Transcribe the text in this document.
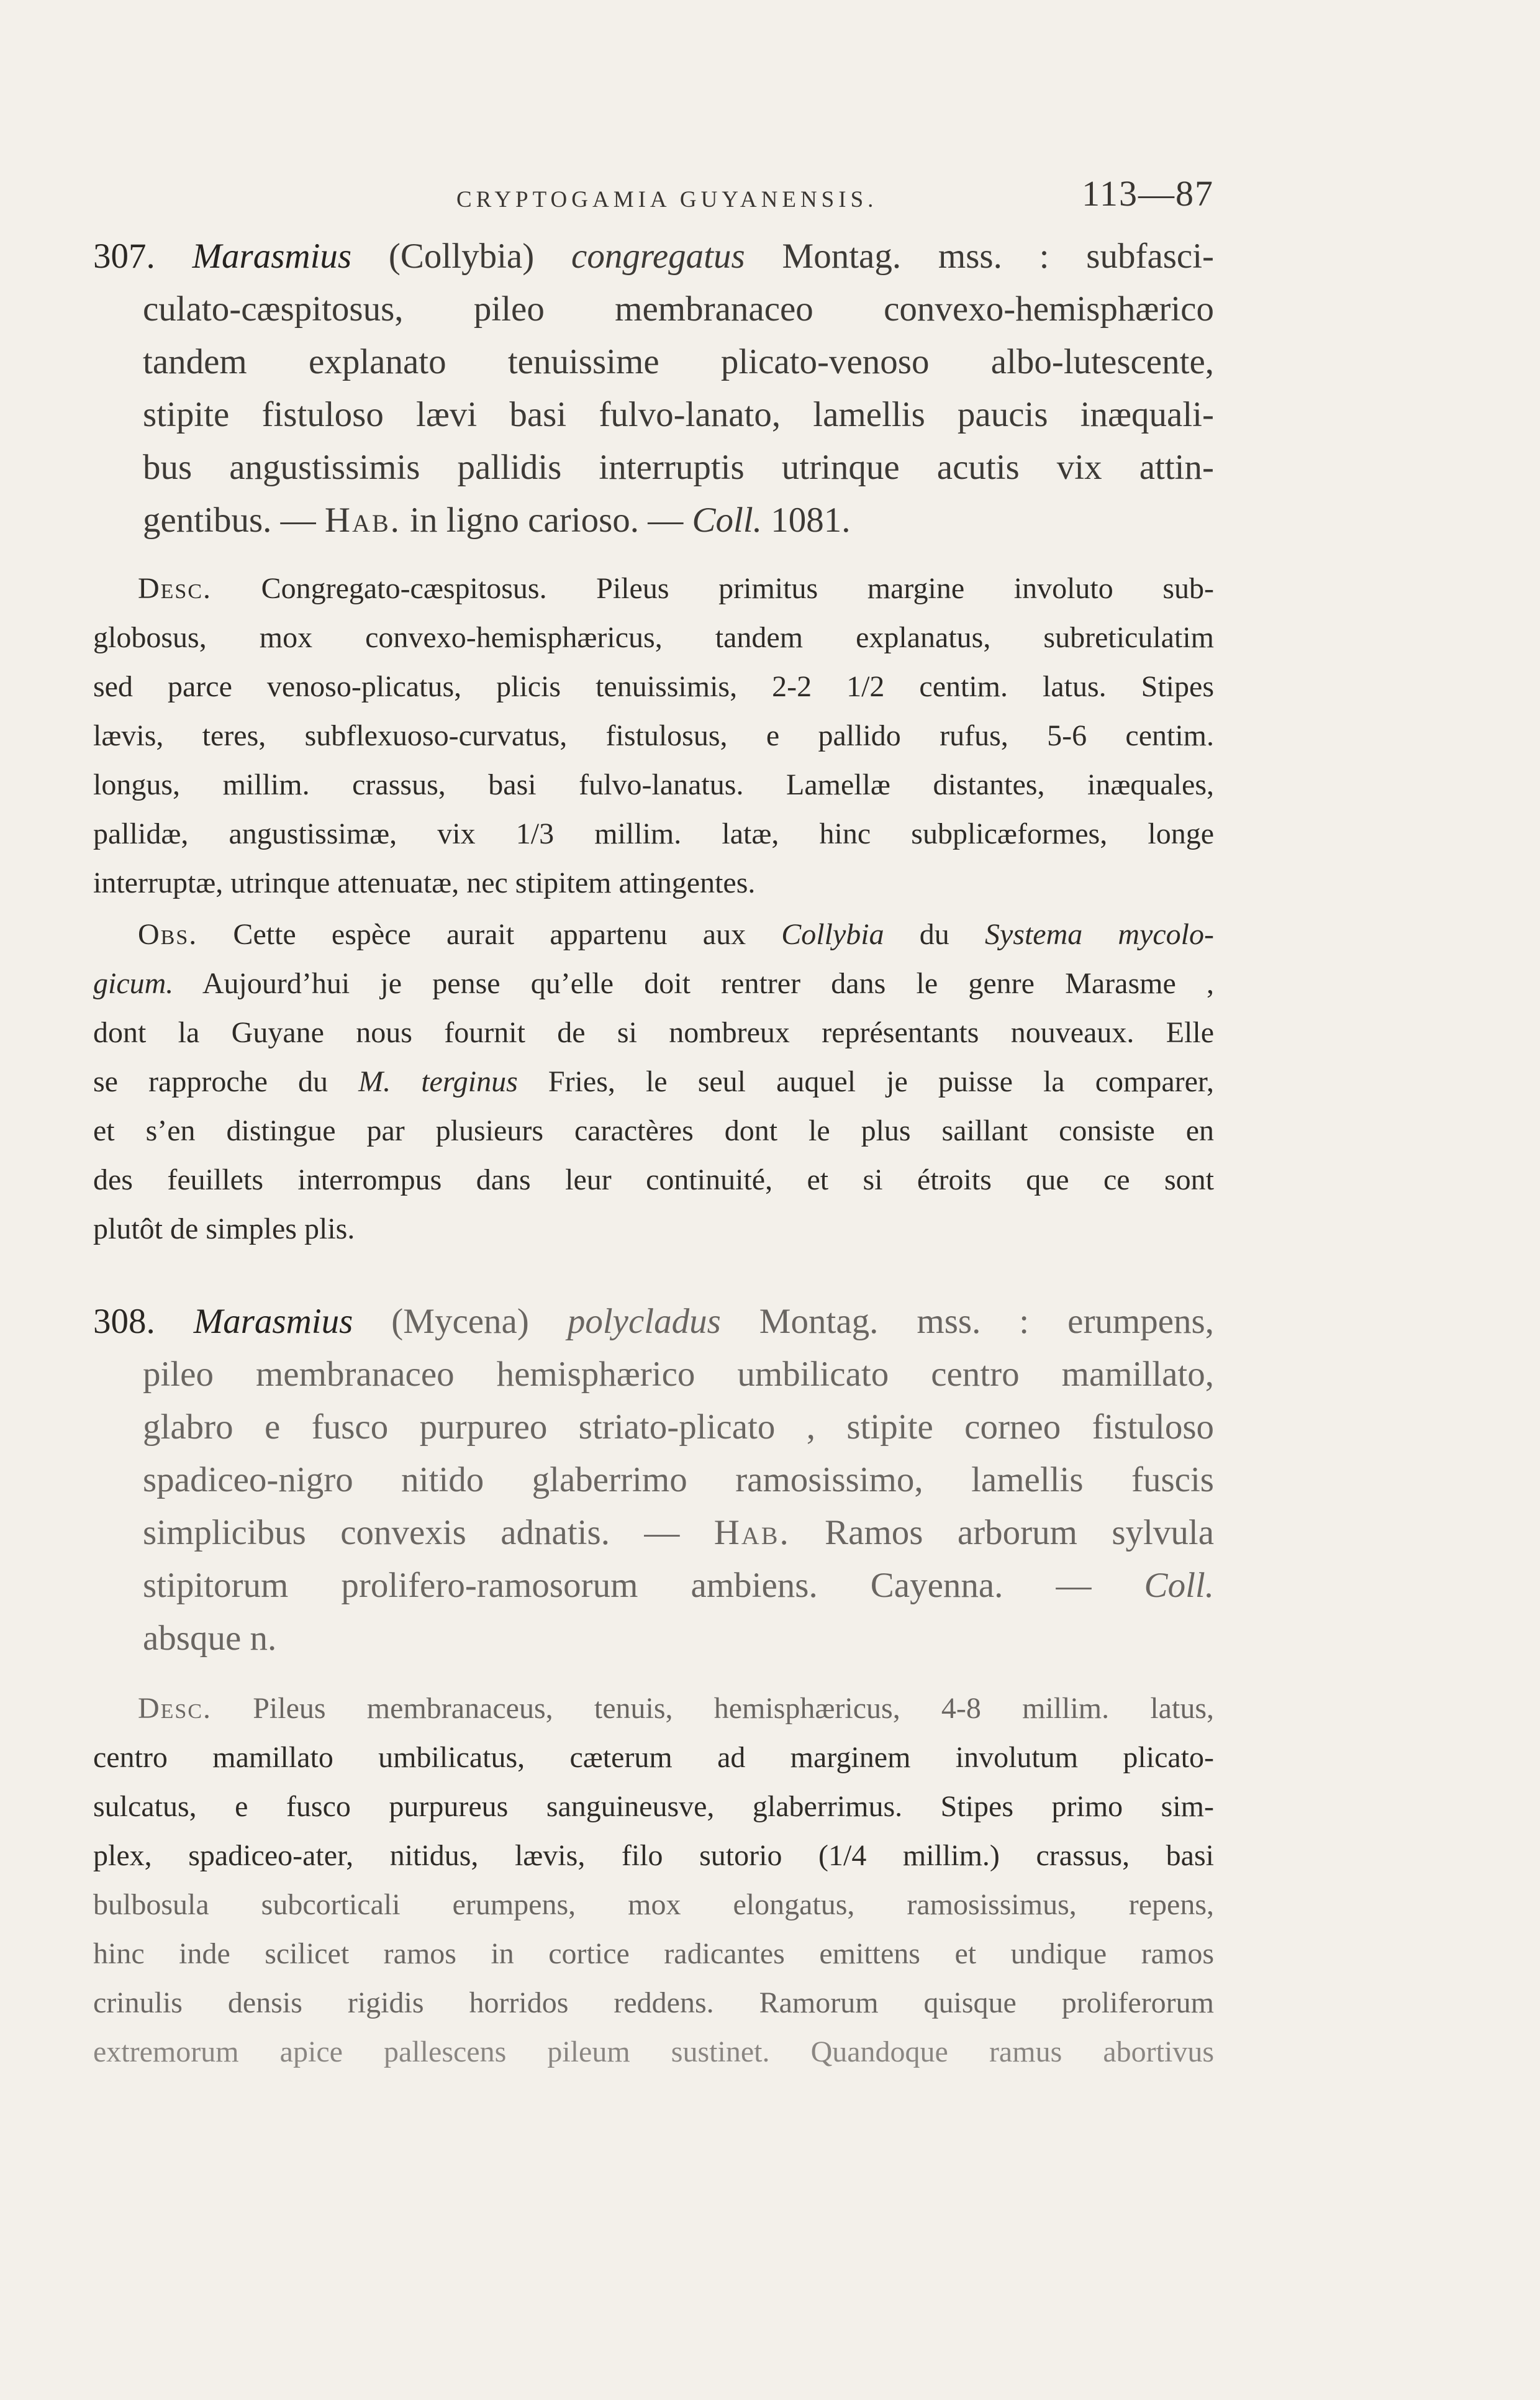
CRYPTOGAMIA GUYANENSIS.	113—87
307. Marasmius (Collybia) congregatus Montag. mss. : subfasci-
culato-cæspitosus, pileo membranaceo convexo-hemisphærico
tandem explanato tenuissime plicato-venoso albo-lutescente,
stipite fistuloso lævi basi fulvo-lanato, lamellis paucis inæquali-
bus angustissimis pallidis interruptis utrinque acutis vix attin-
gentibus. — Hab. in ligno carioso. — Coll. 1081.
Desc. Congregato-cæspitosus. Pileus primitus margine involuto sub-
globosus, mox convexo-hemisphæricus, tandem explanatus, subreticulatim
sed parce venoso-plicatus, plicis tenuissimis, 2-2 1/2 centim. latus. Stipes
lævis, teres, subflexuoso-curvatus, fistulosus, e pallido rufus, 5-6 centim.
longus, millim. crassus, basi fulvo-lanatus. Lamellæ distantes, inæquales,
pallidæ, angustissimæ, vix 1/3 millim. latæ, hinc subplicæformes, longe
interruptæ, utrinque attenuatæ, nec stipitem attingentes.
Obs. Cette espèce aurait appartenu aux Collybia du Systema mycolo-
gicum. Aujourd’hui je pense qu’elle doit rentrer dans le genre Marasme ,
dont la Guyane nous fournit de si nombreux représentants nouveaux. Elle
se rapproche du M. terginus Fries, le seul auquel je puisse la comparer,
et s’en distingue par plusieurs caractères dont le plus saillant consiste en
des feuillets interrompus dans leur continuité, et si étroits que ce sont
plutôt de simples plis.
308. Marasmius (Mycena) polycladus Montag. mss. : erumpens,
pileo membranaceo hemisphærico umbilicato centro mamillato,
glabro e fusco purpureo striato-plicato , stipite corneo fistuloso
spadiceo-nigro nitido glaberrimo ramosissimo, lamellis fuscis
simplicibus convexis adnatis. — Hab. Ramos arborum sylvula
stipitorum prolifero-ramosorum ambiens. Cayenna. — Coll.
absque n.
Desc. Pileus membranaceus, tenuis, hemisphæricus, 4-8 millim. latus,
centro mamillato umbilicatus, cæterum ad marginem involutum plicato-
sulcatus, e fusco purpureus sanguineusve, glaberrimus. Stipes primo sim-
plex, spadiceo-ater, nitidus, lævis, filo sutorio (1/4 millim.) crassus, basi
bulbosula subcorticali erumpens, mox elongatus, ramosissimus, repens,
hinc inde scilicet ramos in cortice radicantes emittens et undique ramos
crinulis densis rigidis horridos reddens. Ramorum quisque proliferorum
extremorum apice pallescens pileum sustinet. Quandoque ramus abortivus
